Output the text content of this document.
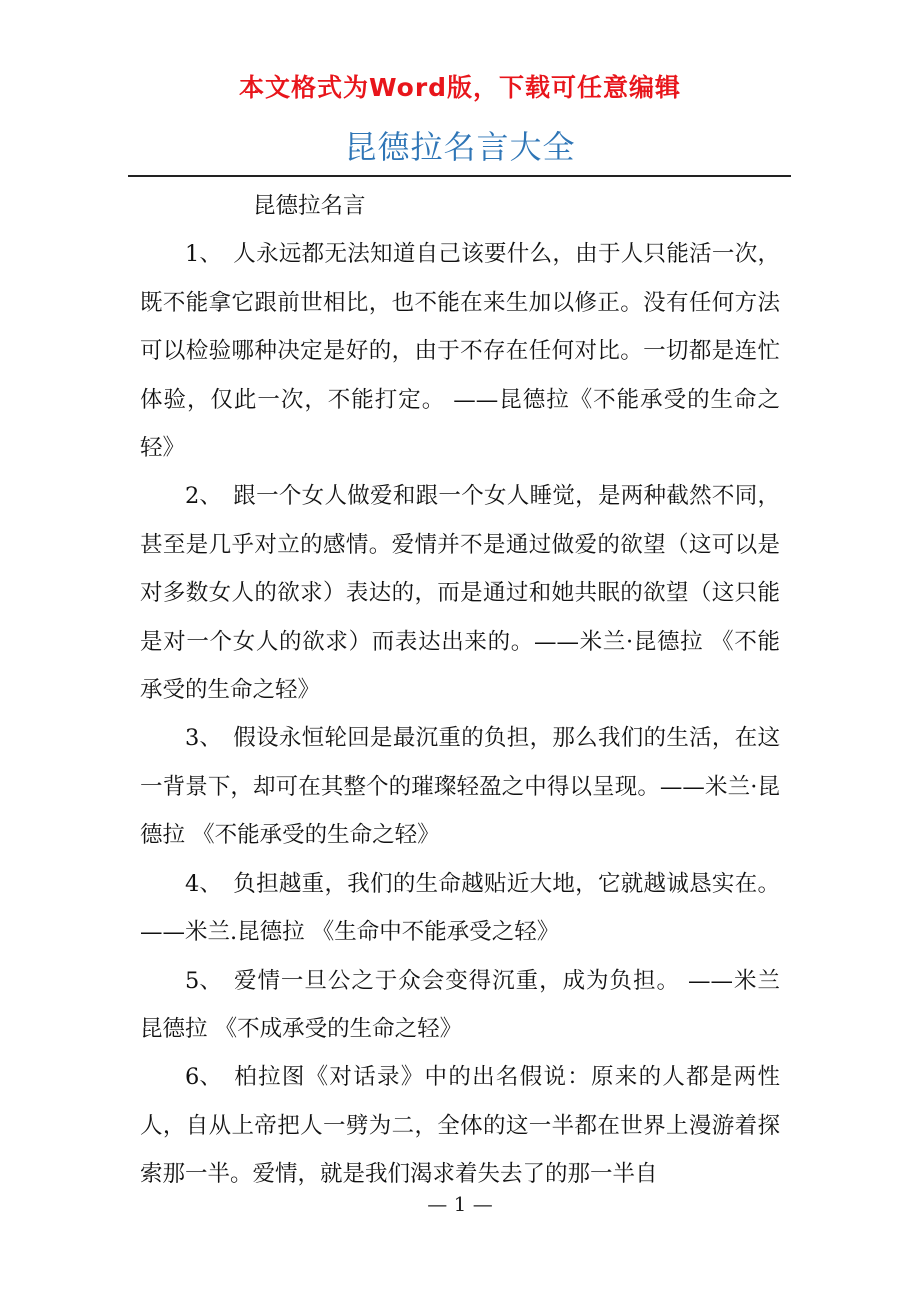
本文格式为Word版，下载可任意编辑
昆德拉名言大全
昆德拉名言

1、 人永远都无法知道自己该要什么，由于人只能活一次，既不能拿它跟前世相比，也不能在来生加以修正。没有任何方法可以检验哪种决定是好的，由于不存在任何对比。一切都是连忙体验，仅此一次，不能打定。 ——昆德拉《不能承受的生命之轻》

2、 跟一个女人做爱和跟一个女人睡觉，是两种截然不同，甚至是几乎对立的感情。爱情并不是通过做爱的欲望（这可以是对多数女人的欲求）表达的，而是通过和她共眠的欲望（这只能是对一个女人的欲求）而表达出来的。——米兰·昆德拉 《不能承受的生命之轻》

3、 假设永恒轮回是最沉重的负担，那么我们的生活，在这一背景下，却可在其整个的璀璨轻盈之中得以呈现。——米兰·昆德拉 《不能承受的生命之轻》

4、 负担越重，我们的生命越贴近大地，它就越诚恳实在。 ——米兰.昆德拉 《生命中不能承受之轻》

5、 爱情一旦公之于众会变得沉重，成为负担。 ——米兰 昆德拉 《不成承受的生命之轻》

6、 柏拉图《对话录》中的出名假说：原来的人都是两性人，自从上帝把人一劈为二，全体的这一半都在世界上漫游着探索那一半。爱情，就是我们渴求着失去了的那一半自

— 1 —
